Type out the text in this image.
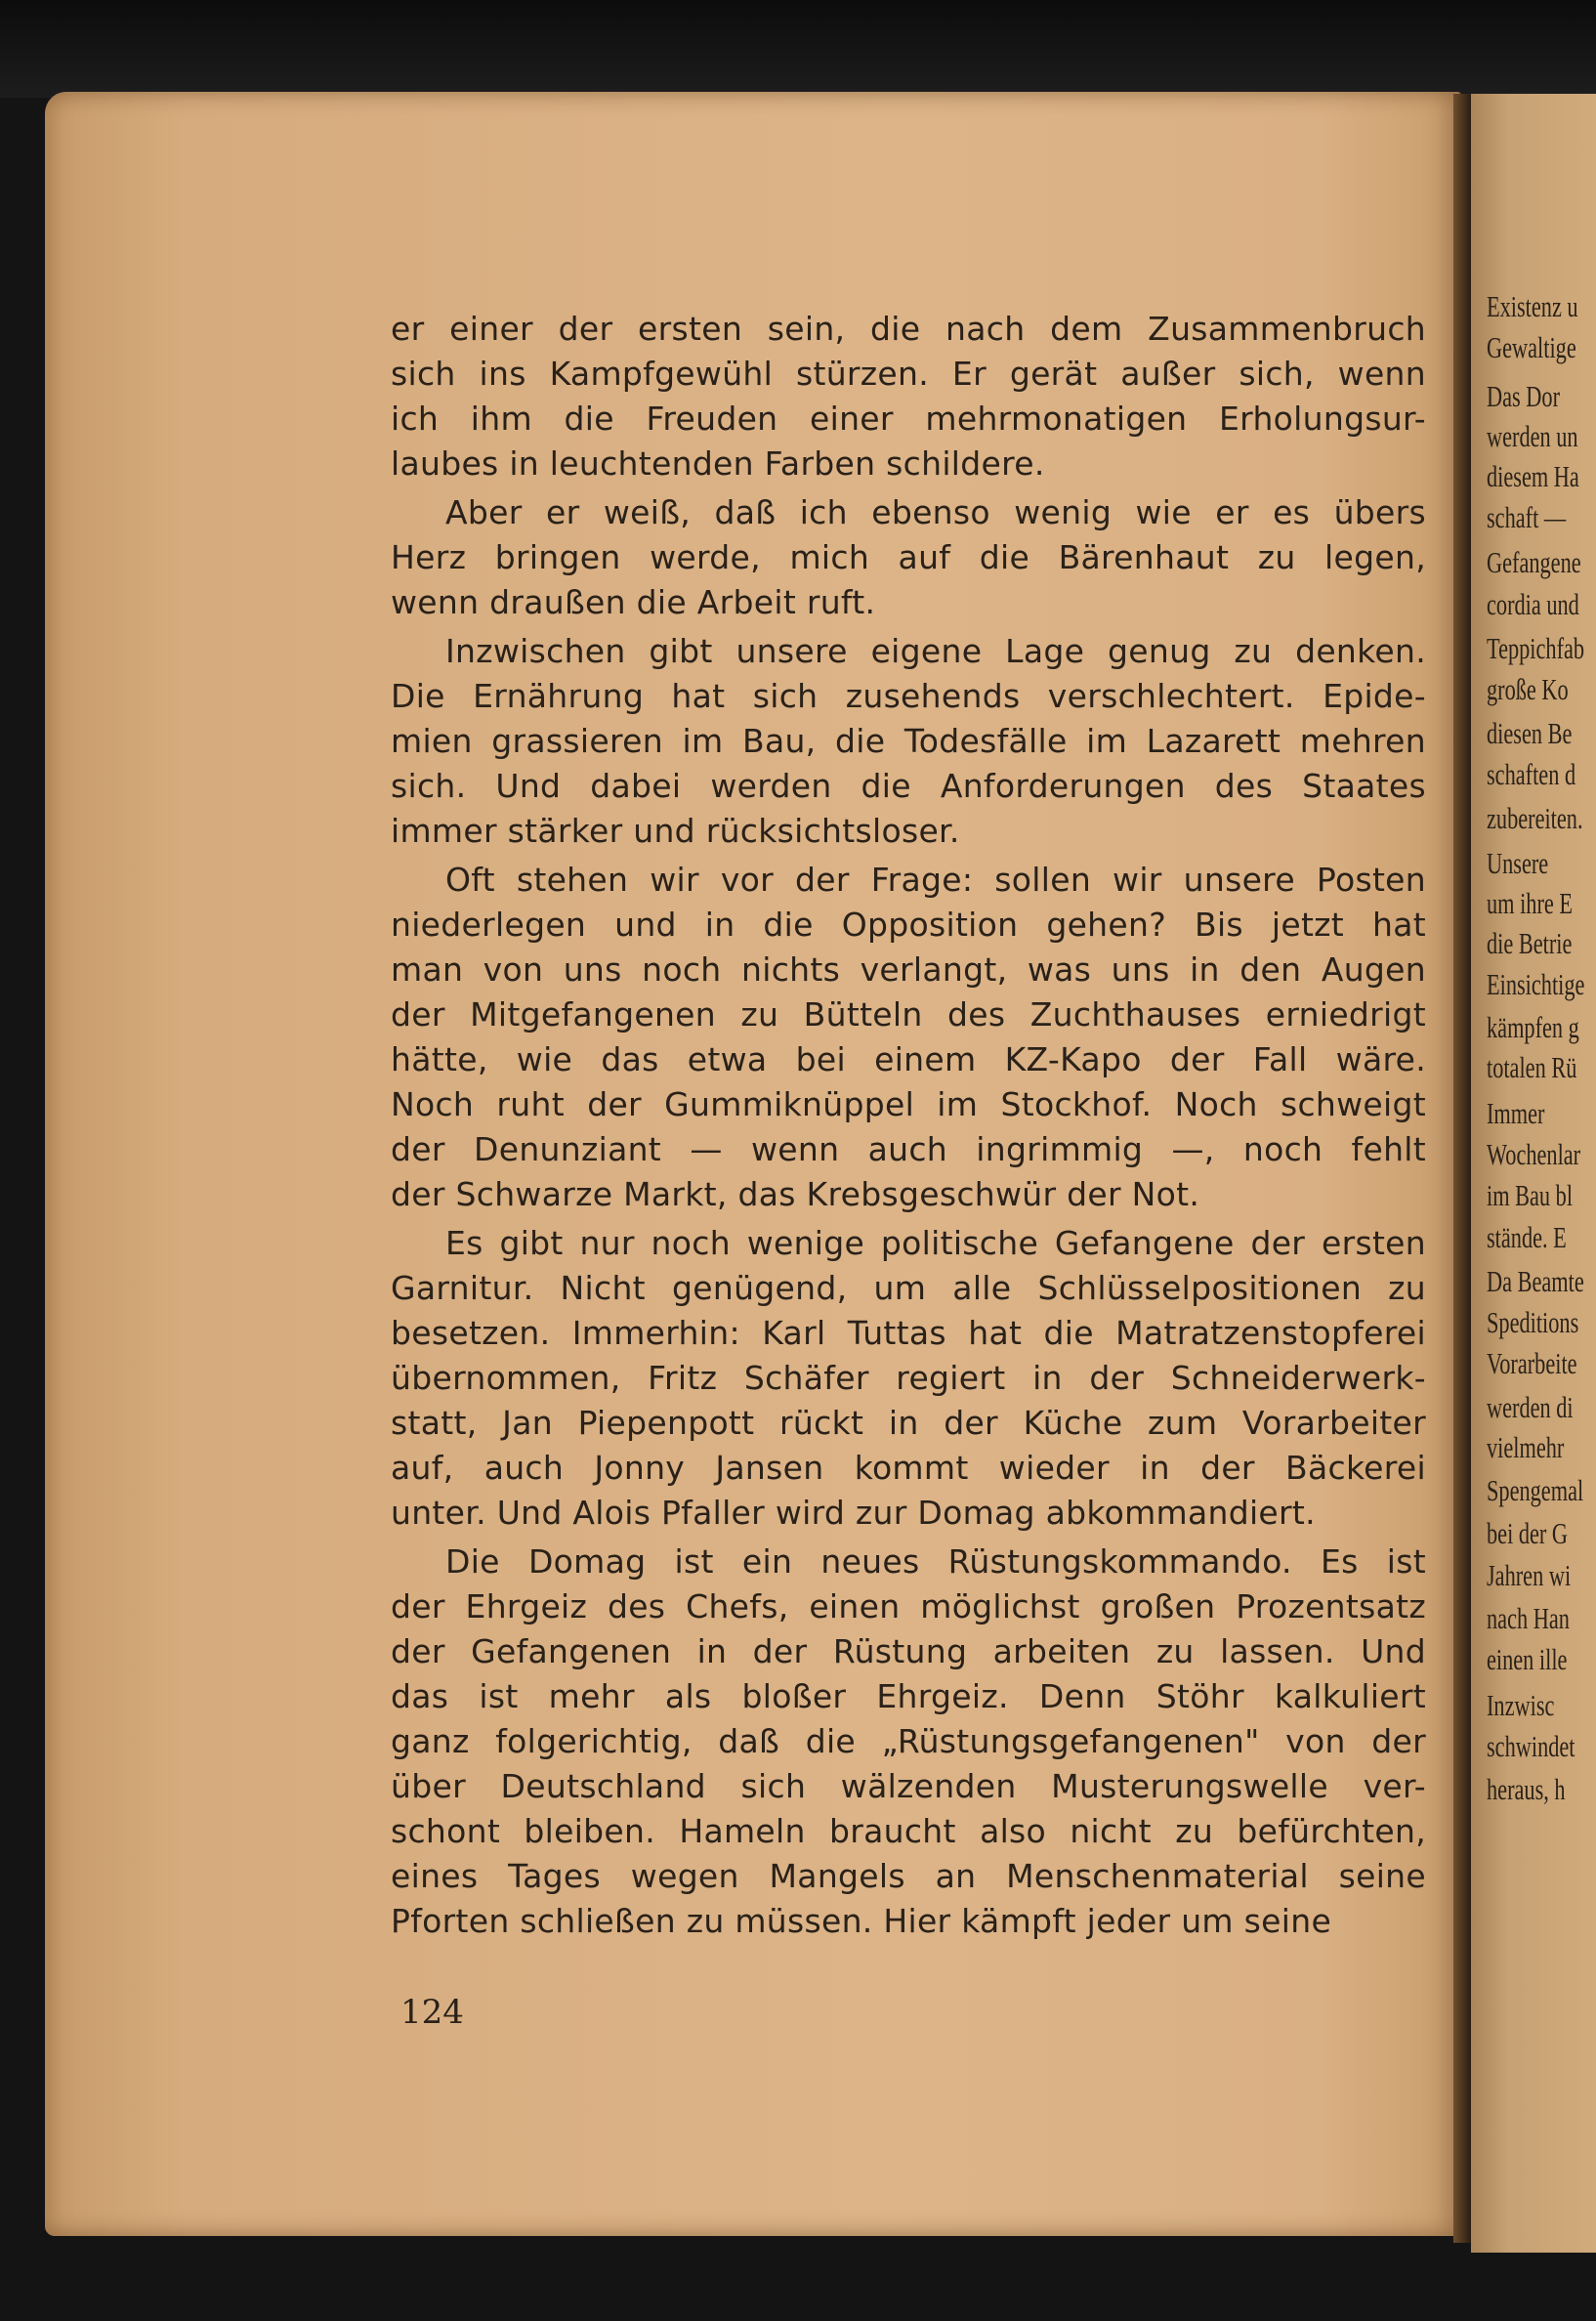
er einer der ersten sein, die nach dem Zusammenbruch
sich ins Kampfgewühl stürzen. Er gerät außer sich, wenn
ich ihm die Freuden einer mehrmonatigen Erholungsur-
laubes in leuchtenden Farben schildere.
Aber er weiß, daß ich ebenso wenig wie er es übers
Herz bringen werde, mich auf die Bärenhaut zu legen,
wenn draußen die Arbeit ruft.
Inzwischen gibt unsere eigene Lage genug zu denken.
Die Ernährung hat sich zusehends verschlechtert. Epide-
mien grassieren im Bau, die Todesfälle im Lazarett mehren
sich. Und dabei werden die Anforderungen des Staates
immer stärker und rücksichtsloser.
Oft stehen wir vor der Frage: sollen wir unsere Posten
niederlegen und in die Opposition gehen? Bis jetzt hat
man von uns noch nichts verlangt, was uns in den Augen
der Mitgefangenen zu Bütteln des Zuchthauses erniedrigt
hätte, wie das etwa bei einem KZ-Kapo der Fall wäre.
Noch ruht der Gummiknüppel im Stockhof. Noch schweigt
der Denunziant — wenn auch ingrimmig —, noch fehlt
der Schwarze Markt, das Krebsgeschwür der Not.
Es gibt nur noch wenige politische Gefangene der ersten
Garnitur. Nicht genügend, um alle Schlüsselpositionen zu
besetzen. Immerhin: Karl Tuttas hat die Matratzenstopferei
übernommen, Fritz Schäfer regiert in der Schneiderwerk-
statt, Jan Piepenpott rückt in der Küche zum Vorarbeiter
auf, auch Jonny Jansen kommt wieder in der Bäckerei
unter. Und Alois Pfaller wird zur Domag abkommandiert.
Die Domag ist ein neues Rüstungskommando. Es ist
der Ehrgeiz des Chefs, einen möglichst großen Prozentsatz
der Gefangenen in der Rüstung arbeiten zu lassen. Und
das ist mehr als bloßer Ehrgeiz. Denn Stöhr kalkuliert
ganz folgerichtig, daß die „Rüstungsgefangenen" von der
über Deutschland sich wälzenden Musterungswelle ver-
schont bleiben. Hameln braucht also nicht zu befürchten,
eines Tages wegen Mangels an Menschenmaterial seine
Pforten schließen zu müssen. Hier kämpft jeder um seine
124
Existenz u
Gewaltige
Das Dor
werden un
diesem Ha
schaft —
Gefangene
cordia und
Teppichfab
große Ko
diesen Be
schaften d
zubereiten.
Unsere
um ihre E
die Betrie
Einsichtige
kämpfen g
totalen Rü
Immer
Wochenlar
im Bau bl
stände. E
Da Beamte
Speditions
Vorarbeite
werden di
vielmehr
Spengemal
bei der G
Jahren wi
nach Han
einen ille
Inzwisc
schwindet
heraus, h
